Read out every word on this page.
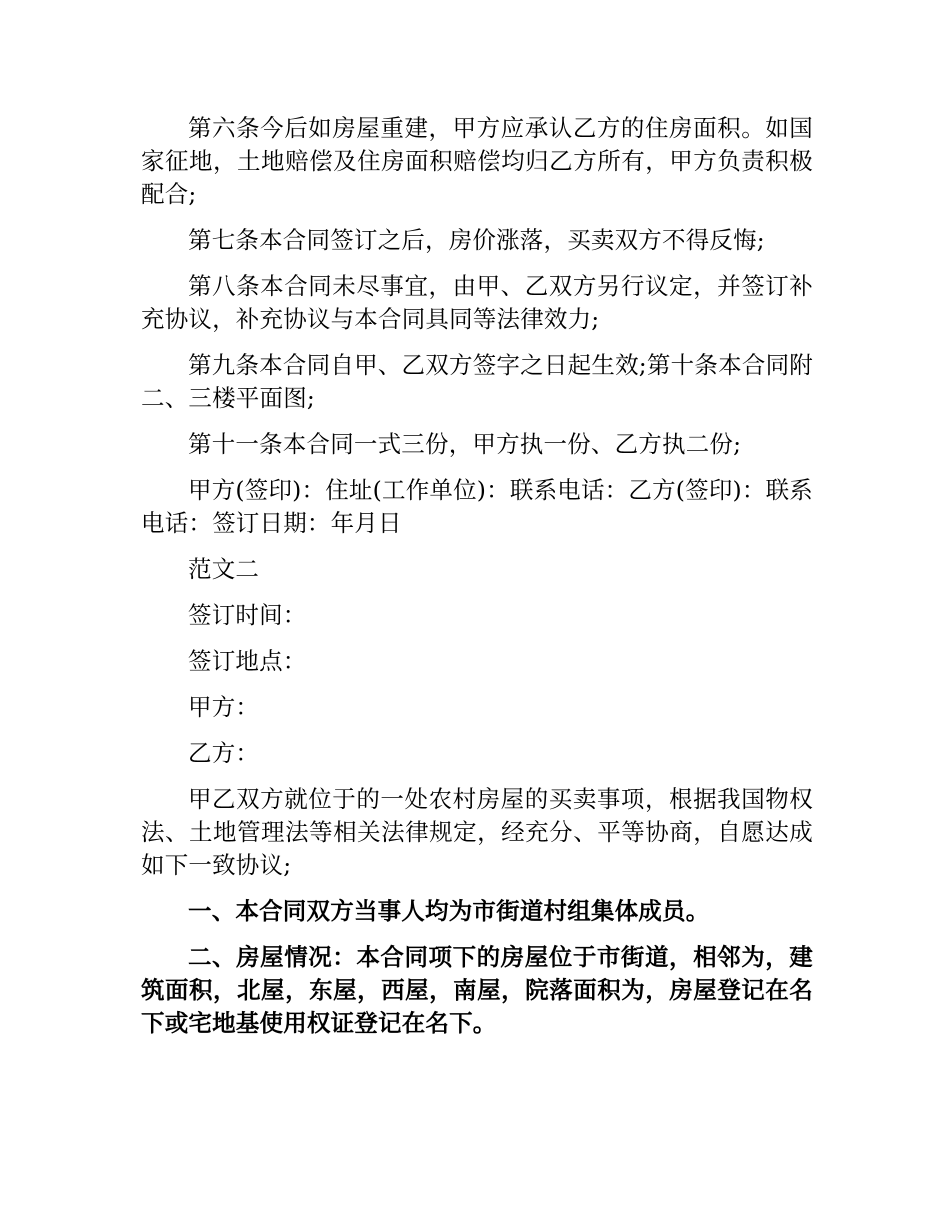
第六条今后如房屋重建，甲方应承认乙方的住房面积。如国家征地，土地赔偿及住房面积赔偿均归乙方所有，甲方负责积极配合;

第七条本合同签订之后，房价涨落，买卖双方不得反悔;

第八条本合同未尽事宜，由甲、乙双方另行议定，并签订补充协议，补充协议与本合同具同等法律效力;

第九条本合同自甲、乙双方签字之日起生效;第十条本合同附二、三楼平面图;

第十一条本合同一式三份，甲方执一份、乙方执二份;

甲方(签印)：住址(工作单位)：联系电话：乙方(签印)：联系电话：签订日期：年月日

范文二

签订时间：

签订地点：

甲方：

乙方：

甲乙双方就位于的一处农村房屋的买卖事项，根据我国物权法、土地管理法等相关法律规定，经充分、平等协商，自愿达成如下一致协议;

一、本合同双方当事人均为市街道村组集体成员。

二、房屋情况：本合同项下的房屋位于市街道，相邻为，建筑面积，北屋，东屋，西屋，南屋，院落面积为，房屋登记在名下或宅地基使用权证登记在名下。
